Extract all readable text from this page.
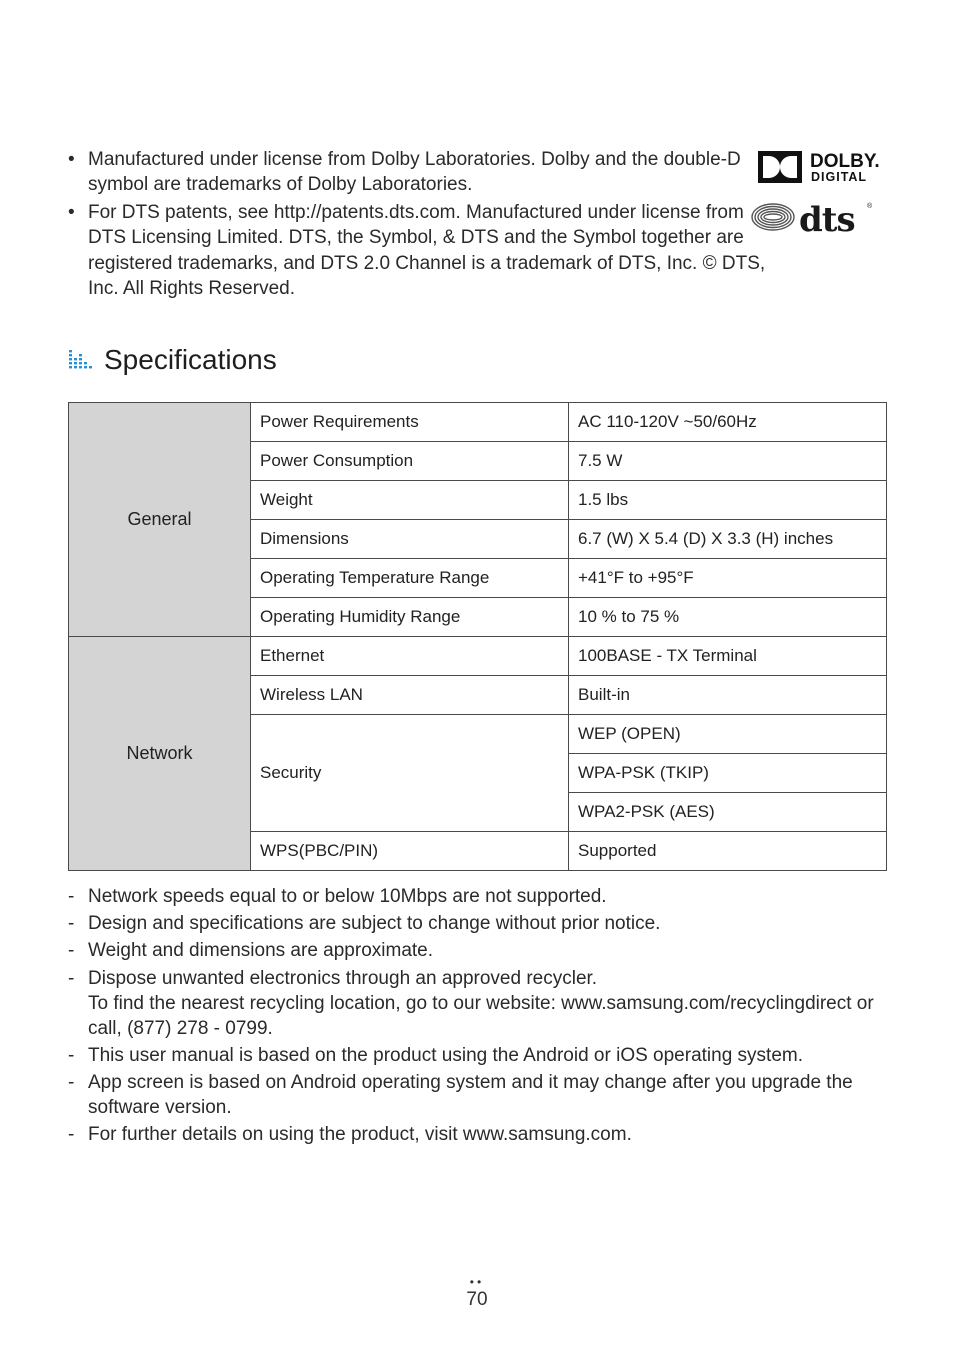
• Manufactured under license from Dolby Laboratories. Dolby and the double-D symbol are trademarks of Dolby Laboratories.
• For DTS patents, see http://patents.dts.com. Manufactured under license from DTS Licensing Limited. DTS, the Symbol, & DTS and the Symbol together are registered trademarks, and DTS 2.0 Channel is a trademark of DTS, Inc. © DTS, Inc. All Rights Reserved.
DOLBY.
DIGITAL
dts ®
Specifications
General	Power Requirements	AC 110-120V ~50/60Hz
	Power Consumption	7.5 W
	Weight	1.5 lbs
	Dimensions	6.7 (W) X 5.4 (D) X 3.3 (H) inches
	Operating Temperature Range	+41°F to +95°F
	Operating Humidity Range	10 % to 75 %
Network	Ethernet	100BASE - TX Terminal
	Wireless LAN	Built-in
	Security	WEP (OPEN)
		WPA-PSK (TKIP)
		WPA2-PSK (AES)
	WPS(PBC/PIN)	Supported
- Network speeds equal to or below 10Mbps are not supported.
- Design and specifications are subject to change without prior notice.
- Weight and dimensions are approximate.
- Dispose unwanted electronics through an approved recycler.
To find the nearest recycling location, go to our website: www.samsung.com/recyclingdirect or call, (877) 278 - 0799.
- This user manual is based on the product using the Android or iOS operating system.
- App screen is based on Android operating system and it may change after you upgrade the software version.
- For further details on using the product, visit www.samsung.com.
••
70
